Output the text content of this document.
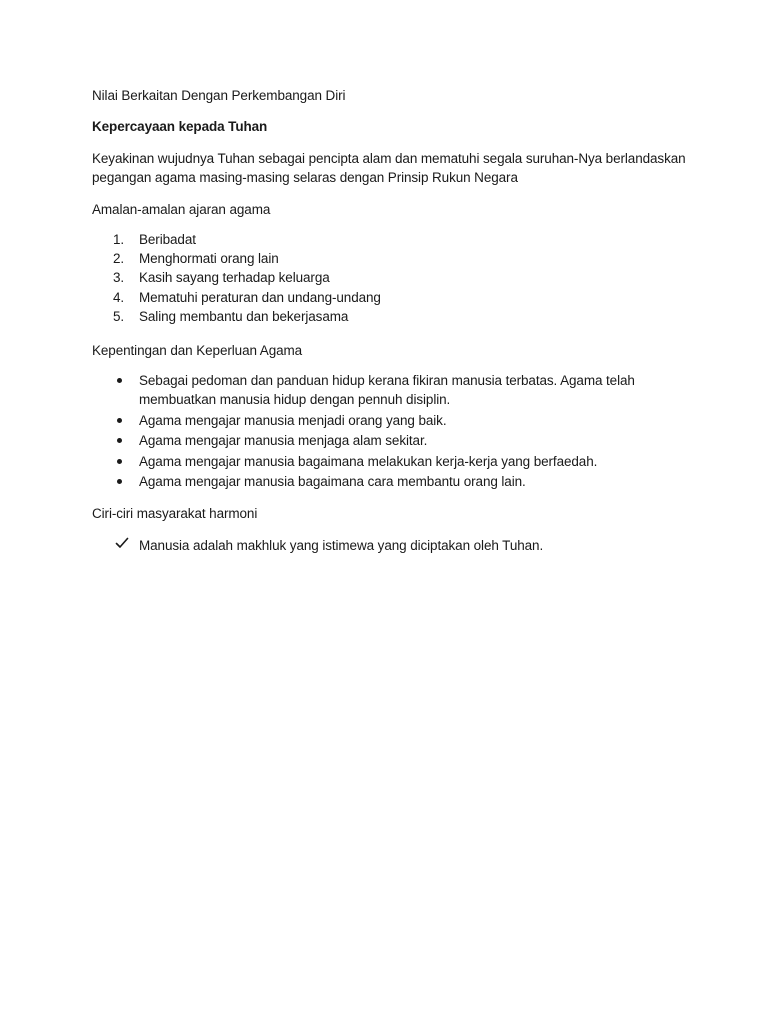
Nilai Berkaitan Dengan Perkembangan Diri

Kepercayaan kepada Tuhan

Keyakinan wujudnya Tuhan sebagai pencipta alam dan mematuhi segala suruhan-Nya berlandaskan

pegangan agama masing-masing selaras dengan Prinsip Rukun Negara

Amalan-amalan ajaran agama

1.	Beribadat
2.	Menghormati orang lain
3.	Kasih sayang terhadap keluarga
4.	Mematuhi peraturan dan undang-undang
5.	Saling membantu dan bekerjasama

Kepentingan dan Keperluan Agama

Sebagai pedoman dan panduan hidup kerana fikiran manusia terbatas. Agama telah
membuatkan manusia hidup dengan pennuh disiplin.
Agama mengajar manusia menjadi orang yang baik.
Agama mengajar manusia menjaga alam sekitar.
Agama mengajar manusia bagaimana melakukan kerja-kerja yang berfaedah.
Agama mengajar manusia bagaimana cara membantu orang lain.

Ciri-ciri masyarakat harmoni

Manusia adalah makhluk yang istimewa yang diciptakan oleh Tuhan.
